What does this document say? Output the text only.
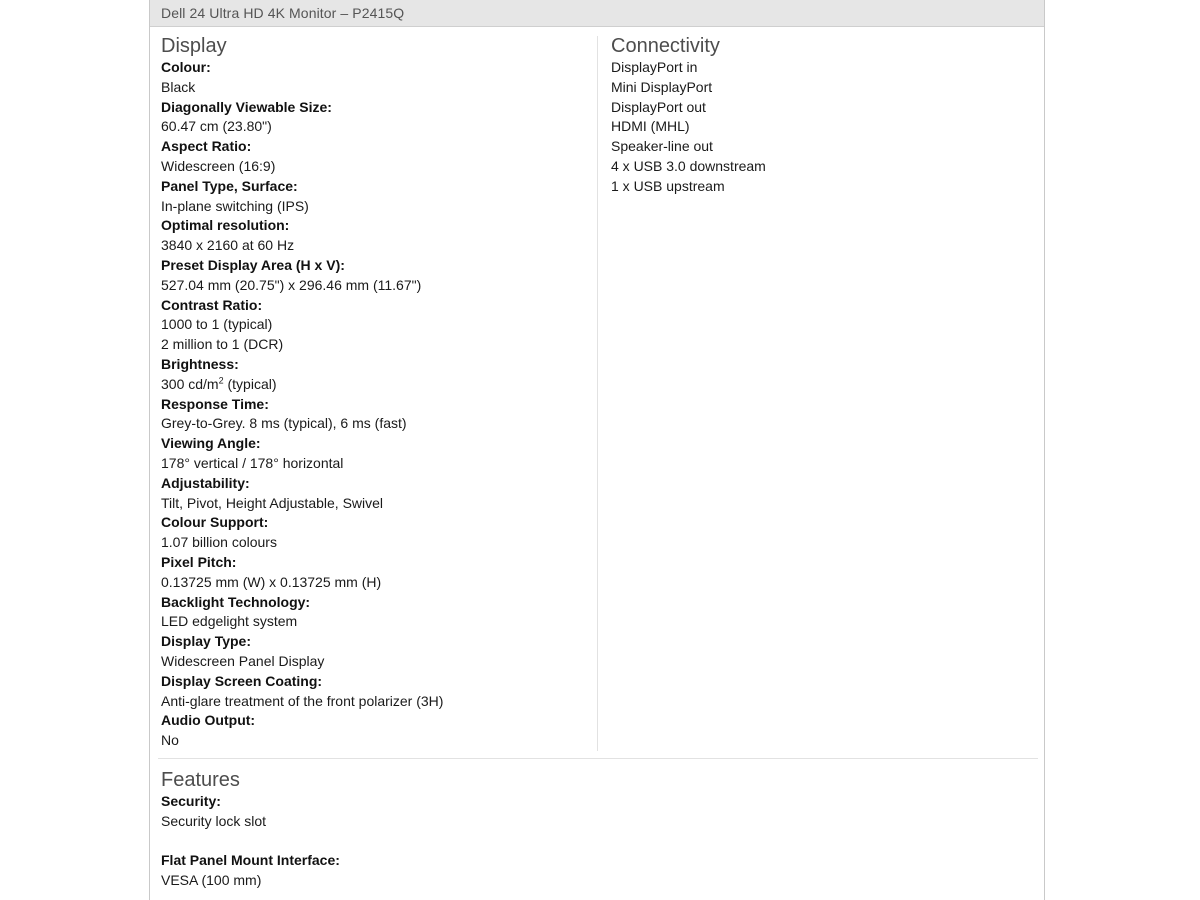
Dell 24 Ultra HD 4K Monitor – P2415Q
Display
Colour:
Black
Diagonally Viewable Size:
60.47 cm (23.80")
Aspect Ratio:
Widescreen (16:9)
Panel Type, Surface:
In-plane switching (IPS)
Optimal resolution:
3840 x 2160 at 60 Hz
Preset Display Area (H x V):
527.04 mm (20.75") x 296.46 mm (11.67")
Contrast Ratio:
1000 to 1 (typical)
2 million to 1 (DCR)
Brightness:
300 $cd/m^2$ (typical)
Response Time:
Grey-to-Grey. 8 ms (typical), 6 ms (fast)
Viewing Angle:
178° vertical / 178° horizontal
Adjustability:
Tilt, Pivot, Height Adjustable, Swivel
Colour Support:
1.07 billion colours
Pixel Pitch:
0.13725 mm (W) x 0.13725 mm (H)
Backlight Technology:
LED edgelight system
Display Type:
Widescreen Panel Display
Display Screen Coating:
Anti-glare treatment of the front polarizer (3H)
Audio Output:
No
Connectivity
DisplayPort in
Mini DisplayPort
DisplayPort out
HDMI (MHL)
Speaker-line out
4 x USB 3.0 downstream
1 x USB upstream
Features
Security:
Security lock slot
Flat Panel Mount Interface:
VESA (100 mm)
